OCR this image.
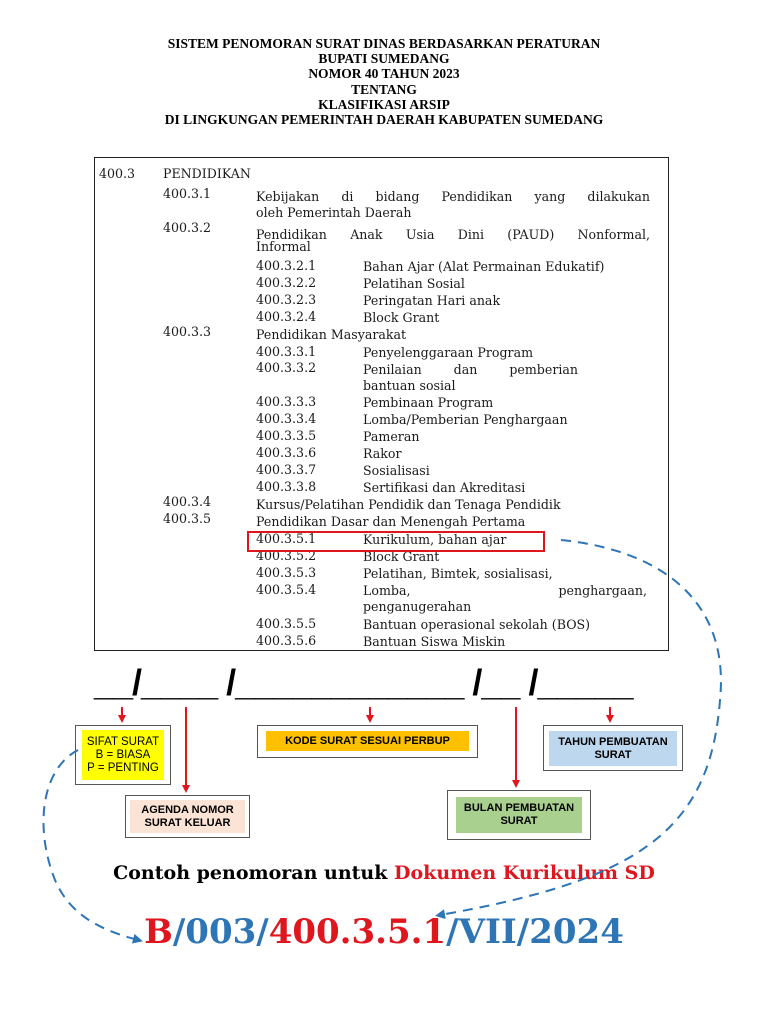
SISTEM PENOMORAN SURAT DINAS BERDASARKAN PERATURAN
BUPATI SUMEDANG
NOMOR 40 TAHUN 2023
TENTANG
KLASIFIKASI ARSIP
DI LINGKUNGAN PEMERINTAH DAERAH KABUPATEN SUMEDANG
400.3 PENDIDIKAN
400.3.1	Kebijakan di bidang Pendidikan yang dilakukan
oleh Pemerintah Daerah
400.3.2	Pendidikan Anak Usia Dini (PAUD) Nonformal,
Informal
400.3.2.1	Bahan Ajar (Alat Permainan Edukatif)
400.3.2.2	Pelatihan Sosial
400.3.2.3	Peringatan Hari anak
400.3.2.4	Block Grant
400.3.3	Pendidikan Masyarakat
400.3.3.1	Penyelenggaraan Program
400.3.3.2	Penilaian dan pemberian
bantuan sosial
400.3.3.3	Pembinaan Program
400.3.3.4	Lomba/Pemberian Penghargaan
400.3.3.5	Pameran
400.3.3.6	Rakor
400.3.3.7	Sosialisasi
400.3.3.8	Sertifikasi dan Akreditasi
400.3.4	Kursus/Pelatihan Pendidik dan Tenaga Pendidik
400.3.5	Pendidikan Dasar dan Menengah Pertama
400.3.5.1	Kurikulum, bahan ajar
400.3.5.2	Block Grant
400.3.5.3	Pelatihan, Bimtek, sosialisasi,
400.3.5.4	Lomba, penghargaan,
penganugerahan
400.3.5.5	Bantuan operasional sekolah (BOS)
400.3.5.6	Bantuan Siswa Miskin
__/____ /____________ /__ /_____
SIFAT SURAT
B = BIASA
P = PENTING
AGENDA NOMOR
SURAT KELUAR
KODE SURAT SESUAI PERBUP
BULAN PEMBUATAN
SURAT
TAHUN PEMBUATAN
SURAT
Contoh penomoran untuk Dokumen Kurikulum SD
B/003/400.3.5.1/VII/2024
